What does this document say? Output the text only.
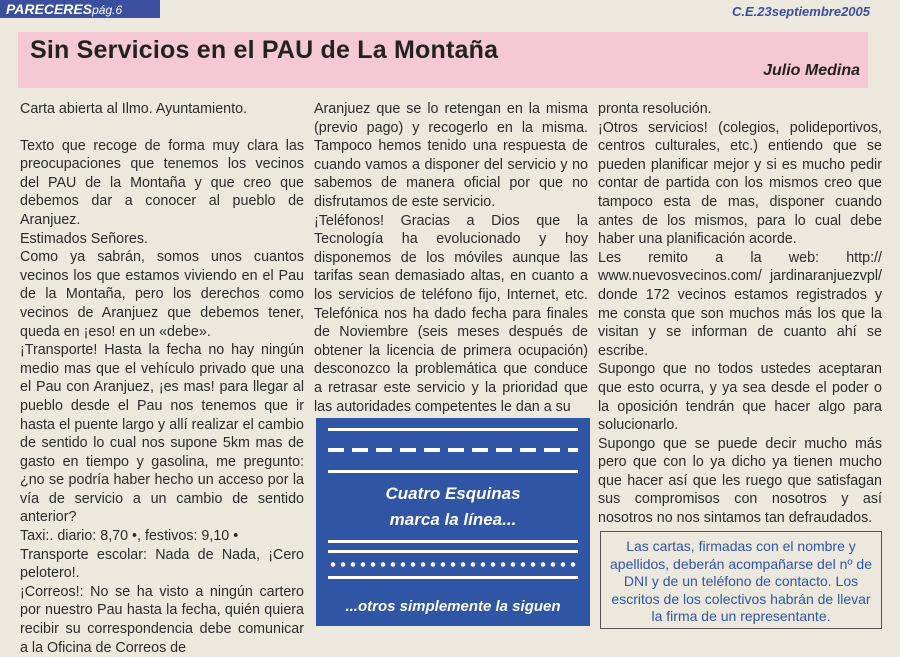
PARECERESpág.6	C.E.23septiembre2005
Sin Servicios en el PAU de La Montaña
Julio Medina

Carta abierta al Ilmo. Ayuntamiento.

Texto que recoge de forma muy clara las preocupaciones que tenemos los vecinos del PAU de la Montaña y que creo que debemos dar a conocer al pueblo de Aranjuez.

Estimados Señores.

Como ya sabrán, somos unos cuantos vecinos los que estamos viviendo en el Pau de la Montaña, pero los derechos como vecinos de Aranjuez que debemos tener, queda en ¡eso! en un «debe».

¡Transporte! Hasta la fecha no hay ningún medio mas que el vehículo privado que una el Pau con Aranjuez, ¡es mas! para llegar al pueblo desde el Pau nos tenemos que ir hasta el puente largo y allí realizar el cambio de sentido lo cual nos supone 5km mas de gasto en tiempo y gasolina, me pregunto: ¿no se podría haber hecho un acceso por la vía de servicio a un cambio de sentido anterior?

Taxi:. diario: 8,70 •, festivos: 9,10 •

Transporte escolar: Nada de Nada, ¡Cero pelotero!.

¡Correos!: No se ha visto a ningún cartero por nuestro Pau hasta la fecha, quién quiera recibir su correspondencia debe comunicar a la Oficina de Correos de

Aranjuez que se lo retengan en la misma (previo pago) y recogerlo en la misma. Tampoco hemos tenido una respuesta de cuando vamos a disponer del servicio y no sabemos de manera oficial por que no disfrutamos de este servicio.

¡Teléfonos! Gracias a Dios que la Tecnología ha evolucionado y hoy disponemos de los móviles aunque las tarifas sean demasiado altas, en cuanto a los servicios de teléfono fijo, Internet, etc. Telefónica nos ha dado fecha para finales de Noviembre (seis meses después de obtener la licencia de primera ocupación) desconozco la problemática que conduce a retrasar este servicio y la prioridad que las autoridades competentes le dan a su

Cuatro Esquinas
marca la línea...
...otros simplemente la siguen

pronta resolución.

¡Otros servicios! (colegios, polideportivos, centros culturales, etc.) entiendo que se pueden planificar mejor y si es mucho pedir contar de partida con los mismos creo que tampoco esta de mas, disponer cuando antes de los mismos, para lo cual debe haber una planificación acorde.

Les remito a la web: http:// www.nuevosvecinos.com/ jardinaranjuezvpl/ donde 172 vecinos estamos registrados y me consta que son muchos más los que la visitan y se informan de cuanto ahí se escribe.

Supongo que no todos ustedes aceptaran que esto ocurra, y ya sea desde el poder o la oposición tendrán que hacer algo para solucionarlo.

Supongo que se puede decir mucho más pero que con lo ya dicho ya tienen mucho que hacer así que les ruego que satisfagan sus compromisos con nosotros y así nosotros no nos sintamos tan defraudados.

Las cartas, firmadas con el nombre y apellidos, deberán acompañarse del nº de DNI y de un teléfono de contacto. Los escritos de los colectivos habrán de llevar la firma de un representante.
